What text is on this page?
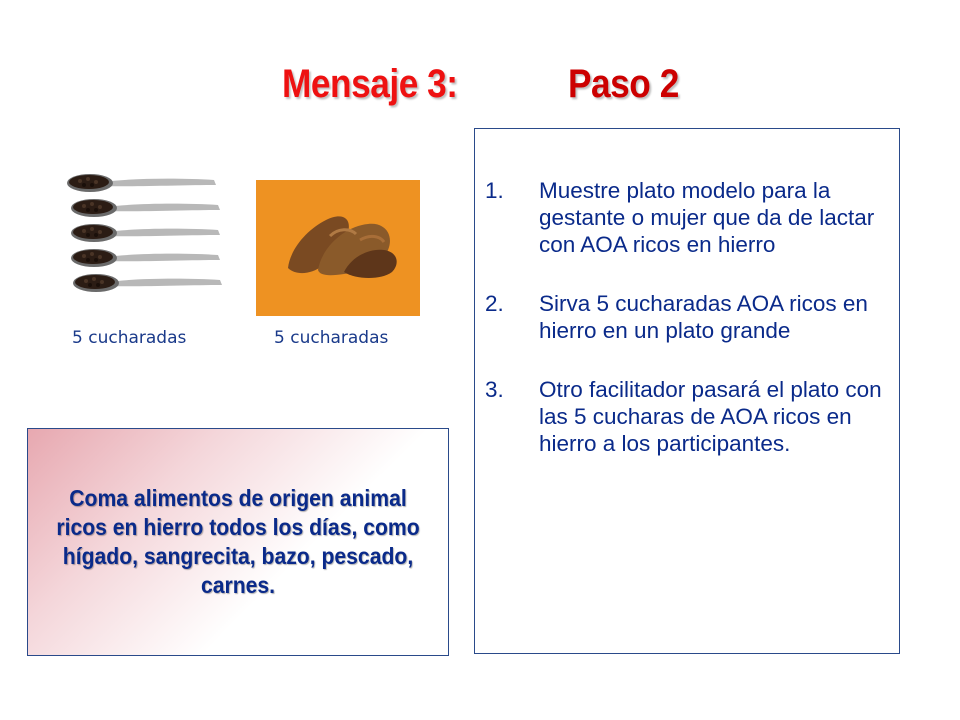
Mensaje 3:	Paso 2
5 cucharadas	5 cucharadas

Coma alimentos de origen animal ricos en hierro todos los días, como hígado, sangrecita, bazo, pescado, carnes.

1. Muestre plato modelo para la gestante o mujer que da de lactar con AOA ricos en hierro
2. Sirva 5 cucharadas AOA ricos en hierro en un plato grande
3. Otro facilitador pasará el plato con las 5 cucharas de AOA ricos en hierro a los participantes.
